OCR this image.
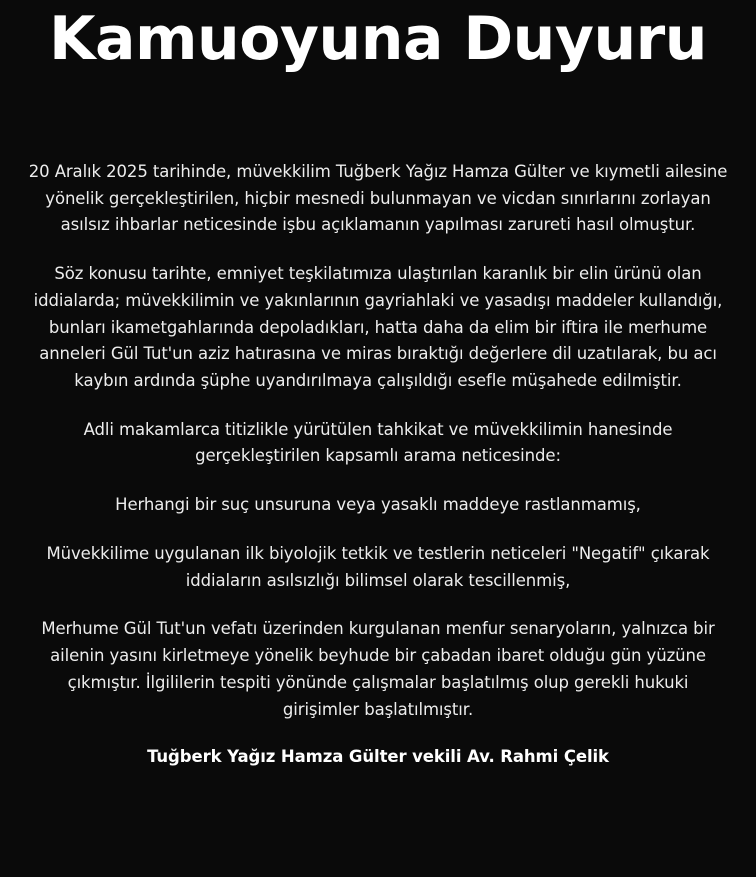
Kamuoyuna Duyuru

20 Aralık 2025 tarihinde, müvekkilim Tuğberk Yağız Hamza Gülter ve kıymetli ailesine yönelik gerçekleştirilen, hiçbir mesnedi bulunmayan ve vicdan sınırlarını zorlayan asılsız ihbarlar neticesinde işbu açıklamanın yapılması zarureti hasıl olmuştur.

Söz konusu tarihte, emniyet teşkilatımıza ulaştırılan karanlık bir elin ürünü olan iddialarda; müvekkilimin ve yakınlarının gayriahlaki ve yasadışı maddeler kullandığı, bunları ikametgahlarında depoladıkları, hatta daha da elim bir iftira ile merhume anneleri Gül Tut'un aziz hatırasına ve miras bıraktığı değerlere dil uzatılarak, bu acı kaybın ardında şüphe uyandırılmaya çalışıldığı esefle müşahede edilmiştir.

Adli makamlarca titizlikle yürütülen tahkikat ve müvekkilimin hanesinde gerçekleştirilen kapsamlı arama neticesinde:

Herhangi bir suç unsuruna veya yasaklı maddeye rastlanmamış,

Müvekkilime uygulanan ilk biyolojik tetkik ve testlerin neticeleri "Negatif" çıkarak iddiaların asılsızlığı bilimsel olarak tescillenmiş,

Merhume Gül Tut'un vefatı üzerinden kurgulanan menfur senaryoların, yalnızca bir ailenin yasını kirletmeye yönelik beyhude bir çabadan ibaret olduğu gün yüzüne çıkmıştır. İlgililerin tespiti yönünde çalışmalar başlatılmış olup gerekli hukuki girişimler başlatılmıştır.

Tuğberk Yağız Hamza Gülter vekili Av. Rahmi Çelik
